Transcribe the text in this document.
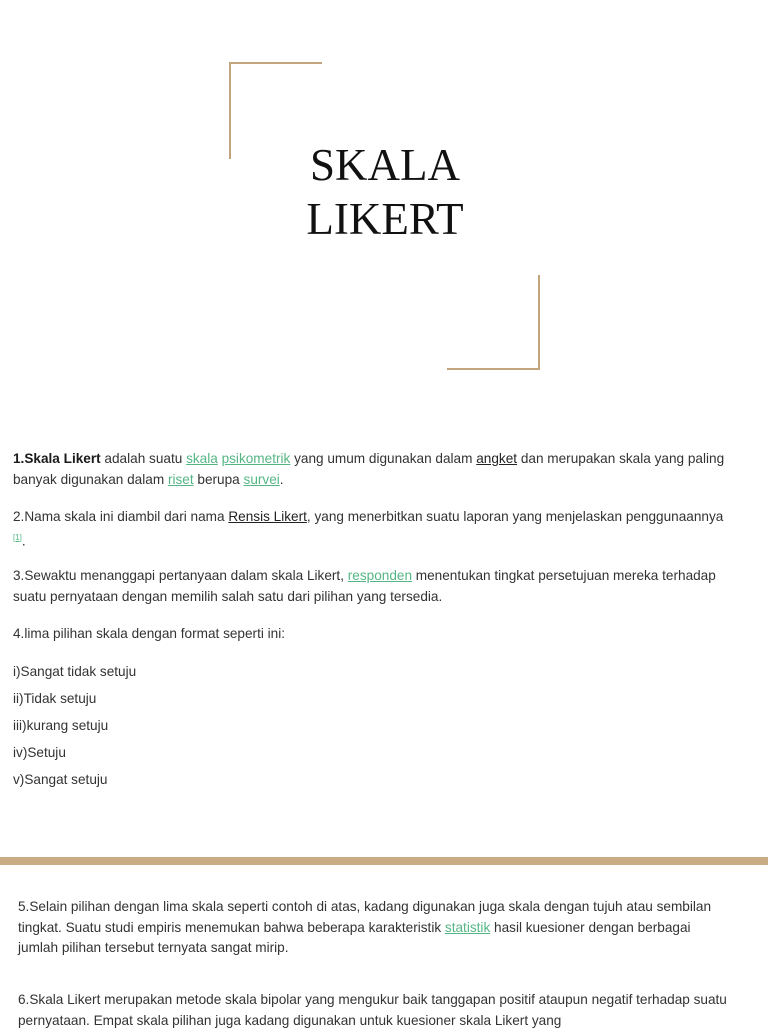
SKALA
LIKERT
1.Skala Likert adalah suatu skala psikometrik yang umum digunakan dalam angket dan merupakan skala yang paling banyak digunakan dalam riset berupa survei.
2.Nama skala ini diambil dari nama Rensis Likert, yang menerbitkan suatu laporan yang menjelaskan penggunaannya [1].
3.Sewaktu menanggapi pertanyaan dalam skala Likert, responden menentukan tingkat persetujuan mereka terhadap suatu pernyataan dengan memilih salah satu dari pilihan yang tersedia.
4.lima pilihan skala dengan format seperti ini:
i)Sangat tidak setuju
ii)Tidak setuju
iii)kurang setuju
iv)Setuju
v)Sangat setuju
5.Selain pilihan dengan lima skala seperti contoh di atas, kadang digunakan juga skala dengan tujuh atau sembilan tingkat. Suatu studi empiris menemukan bahwa beberapa karakteristik statistik hasil kuesioner dengan berbagai jumlah pilihan tersebut ternyata sangat mirip.
6.Skala Likert merupakan metode skala bipolar yang mengukur baik tanggapan positif ataupun negatif terhadap suatu pernyataan. Empat skala pilihan juga kadang digunakan untuk kuesioner skala Likert yang
